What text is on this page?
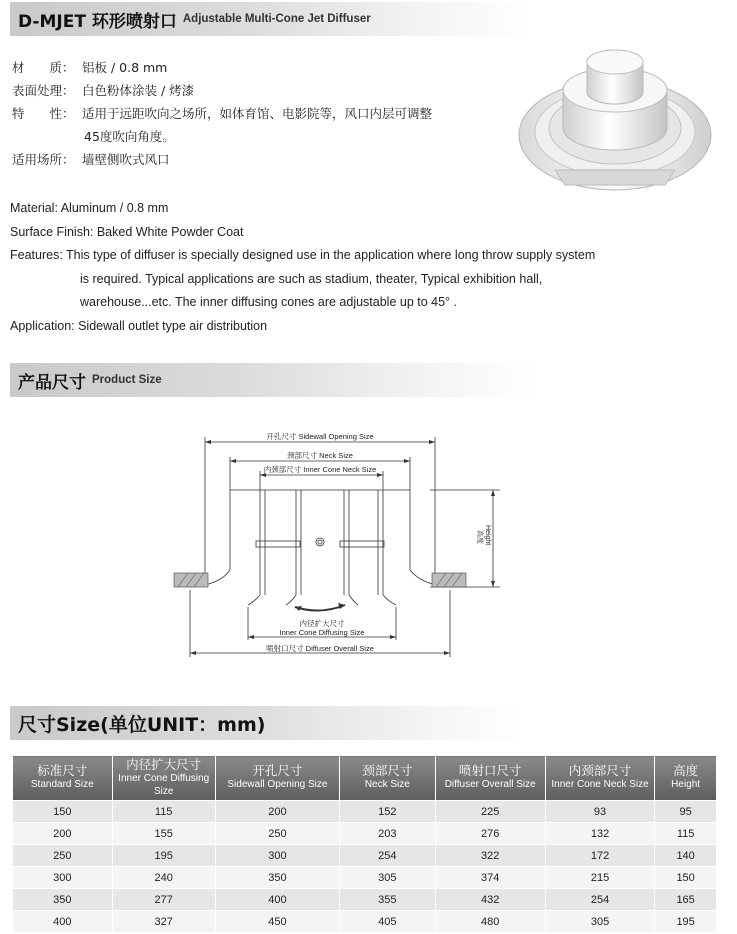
D-MJET 环形喷射口 Adjustable Multi-Cone Jet Diffuser
材　　质： 铝板 / 0.8 mm
表面处理： 白色粉体涂装 / 烤漆
特　　性： 适用于远距吹向之场所，如体育馆、电影院等，风口内层可调整
45度吹向角度。
适用场所： 墙壁侧吹式风口
Material: Aluminum / 0.8 mm
Surface Finish: Baked White Powder Coat
Features: This type of diffuser is specially designed use in the application where long throw supply system
is required. Typical applications are such as stadium, theater, Typical exhibition hall,
warehouse...etc. The inner diffusing cones are adjustable up to 45° .
Application: Sidewall outlet type air distribution
产品尺寸 Product Size
开孔尺寸 Sidewall Opening Size
颈部尺寸 Neck Size
内颈部尺寸 Inner Cone Neck Size
高度 Height
内径扩大尺寸
Inner Cone Diffusing Size
喷射口尺寸 Diffuser Overall Size
尺寸Size(单位UNIT：mm)
标准尺寸
Standard Size	内径扩大尺寸
Inner Cone Diffusing Size	开孔尺寸
Sidewall Opening Size	颈部尺寸
Neck Size	喷射口尺寸
Diffuser Overall Size	内颈部尺寸
Inner Cone Neck Size	高度
Height

150	115	200	152	225	93	95
200	155	250	203	276	132	115
250	195	300	254	322	172	140
300	240	350	305	374	215	150
350	277	400	355	432	254	165
400	327	450	405	480	305	195
